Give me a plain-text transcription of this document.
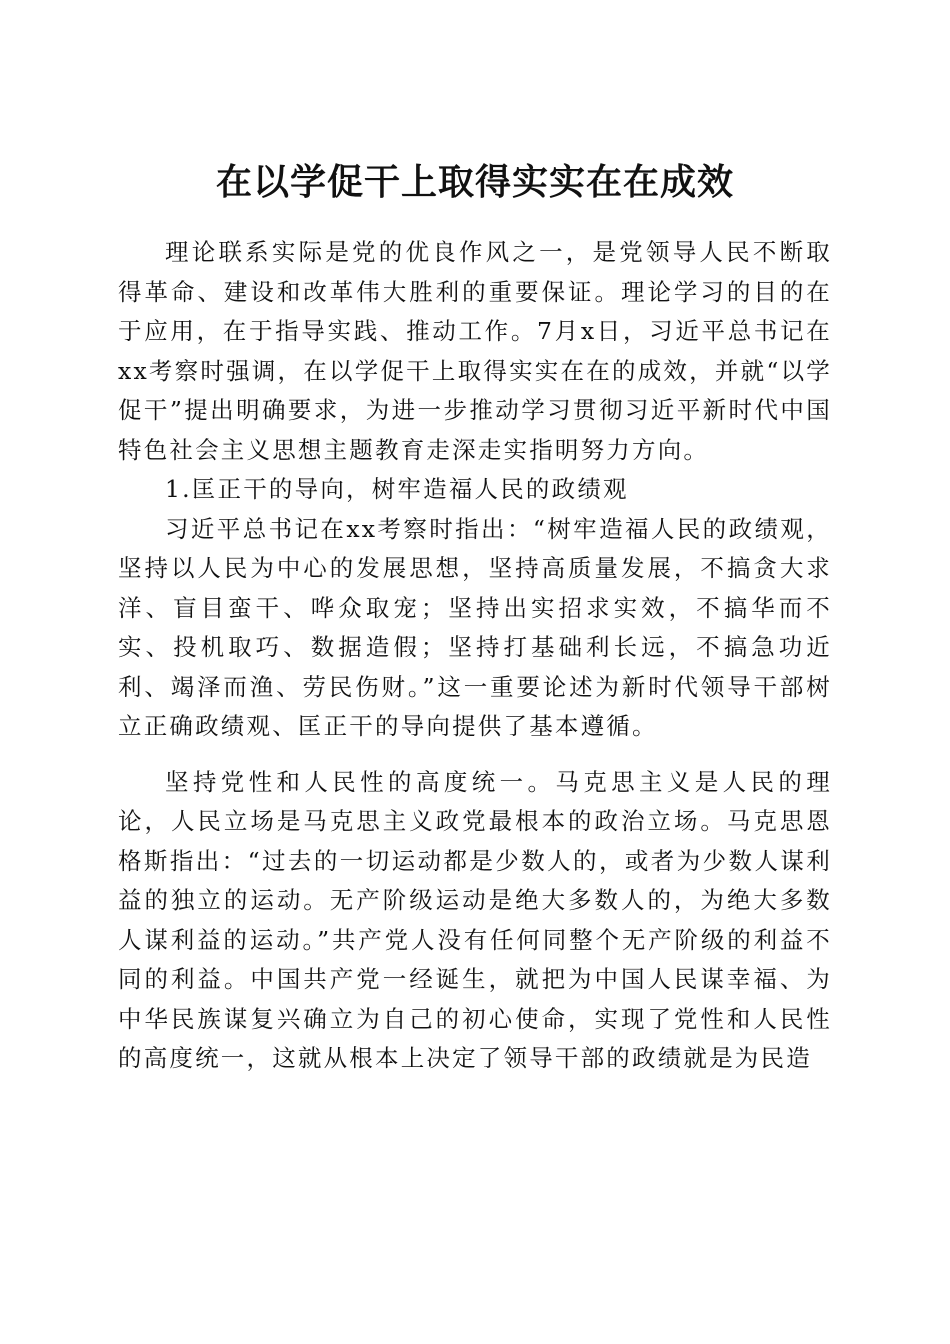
在以学促干上取得实实在在成效

理论联系实际是党的优良作风之一，是党领导人民不断取得革命、建设和改革伟大胜利的重要保证。理论学习的目的在于应用，在于指导实践、推动工作。7月x日，习近平总书记在xx考察时强调，在以学促干上取得实实在在的成效，并就“以学促干”提出明确要求，为进一步推动学习贯彻习近平新时代中国特色社会主义思想主题教育走深走实指明努力方向。

1.匡正干的导向，树牢造福人民的政绩观

习近平总书记在xx考察时指出：“树牢造福人民的政绩观，坚持以人民为中心的发展思想，坚持高质量发展，不搞贪大求洋、盲目蛮干、哗众取宠；坚持出实招求实效，不搞华而不实、投机取巧、数据造假；坚持打基础利长远，不搞急功近利、竭泽而渔、劳民伤财。”这一重要论述为新时代领导干部树立正确政绩观、匡正干的导向提供了基本遵循。

坚持党性和人民性的高度统一。马克思主义是人民的理论，人民立场是马克思主义政党最根本的政治立场。马克思恩格斯指出：“过去的一切运动都是少数人的，或者为少数人谋利益的独立的运动。无产阶级运动是绝大多数人的，为绝大多数人谋利益的运动。”共产党人没有任何同整个无产阶级的利益不同的利益。中国共产党一经诞生，就把为中国人民谋幸福、为中华民族谋复兴确立为自己的初心使命，实现了党性和人民性的高度统一，这就从根本上决定了领导干部的政绩就是为民造
